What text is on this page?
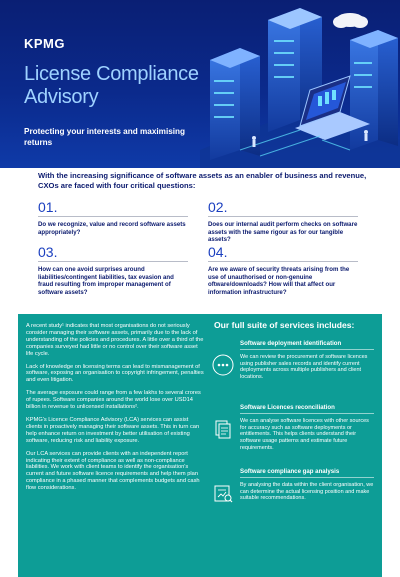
KPMG
License Compliance Advisory
Protecting your interests and maximising returns
With the increasing significance of software assets as an enabler of business and revenue, CXOs are faced with four critical questions:
01.
Do we recognize, value and record software assets appropriately?
02.
Does our internal audit perform checks on software assets with the same rigour as for our tangible assets?
03.
How can one avoid surprises around liabilities/contingent liabilities, tax evasion and fraud resulting from improper management of software assets?
04.
Are we aware of security threats arising from the use of unauthorised or non-genuine oftware/downloads? How will that affect our information infrastructure?

A recent study¹ indicates that most organisations do not seriously consider managing their software assets, primarily due to the lack of understanding of the policies and procedures. A little over a third of the companies surveyed had little or no control over their software asset life cycle.

Lack of knowledge on licensing terms can lead to mismanagement of software, exposing an organisation to copyright infringement, penalties and even litigation.

The average exposure could range from a few lakhs to several crores of rupees. Software companies around the world lose over USD14 billion in revenue to unlicensed installations².

KPMG's Licence Compliance Advisory (LCA) services can assist clients in proactively managing their software assets. This in turn can help enhance return on investment by better utilisation of existing software, reducing risk and liability exposure.

Our LCA services can provide clients with an independent report indicating their extent of compliance as well as non-compliance liabilities. We work with client teams to identify the organisation's current and future software licence requirements and help them plan compliance in a phased manner that complements budgets and cash flow considerations.

Our full suite of services includes:
Software deployment identification
We can review the procurement of software licences using publisher sales records and identify current deployments across multiple publishers and client locations.
Software Licences reconciliation
We can analyse software licences with other sources for accuracy such as software deployments or entitlements. This helps clients understand their software usage patterns and estimate future requirements.
Software compliance gap analysis
By analysing the data within the client organisation, we can determine the actual licensing position and make suitable recommendations.
